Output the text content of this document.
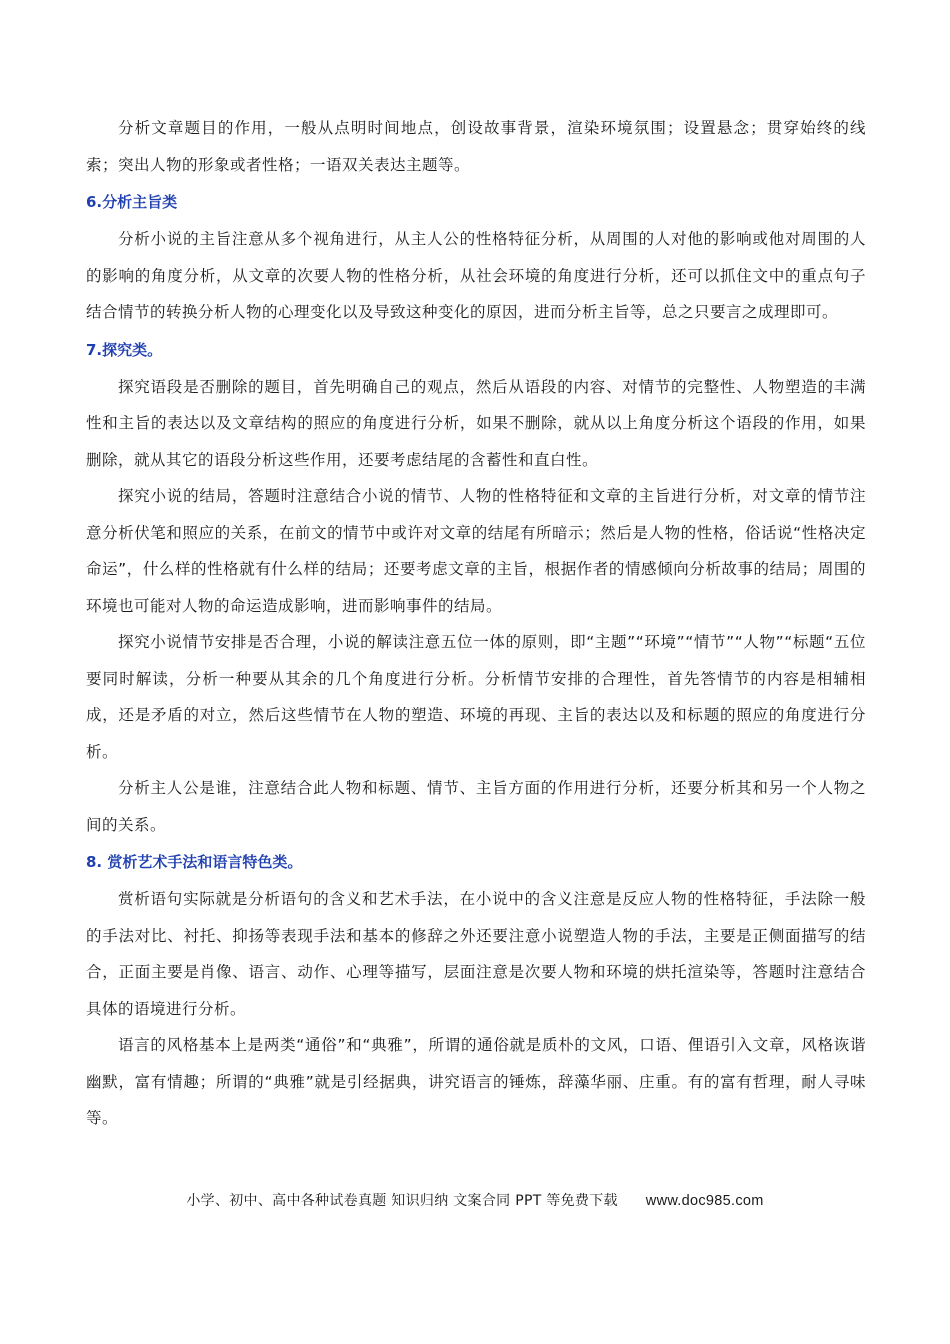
分析文章题目的作用，一般从点明时间地点，创设故事背景，渲染环境氛围；设置悬念；贯穿始终的线索；突出人物的形象或者性格；一语双关表达主题等。

6.分析主旨类

分析小说的主旨注意从多个视角进行，从主人公的性格特征分析，从周围的人对他的影响或他对周围的人的影响的角度分析，从文章的次要人物的性格分析，从社会环境的角度进行分析，还可以抓住文中的重点句子结合情节的转换分析人物的心理变化以及导致这种变化的原因，进而分析主旨等，总之只要言之成理即可。

7.探究类。

探究语段是否删除的题目，首先明确自己的观点，然后从语段的内容、对情节的完整性、人物塑造的丰满性和主旨的表达以及文章结构的照应的角度进行分析，如果不删除，就从以上角度分析这个语段的作用，如果删除，就从其它的语段分析这些作用，还要考虑结尾的含蓄性和直白性。

探究小说的结局，答题时注意结合小说的情节、人物的性格特征和文章的主旨进行分析，对文章的情节注意分析伏笔和照应的关系，在前文的情节中或许对文章的结尾有所暗示；然后是人物的性格，俗话说“性格决定命运”，什么样的性格就有什么样的结局；还要考虑文章的主旨，根据作者的情感倾向分析故事的结局；周围的环境也可能对人物的命运造成影响，进而影响事件的结局。

探究小说情节安排是否合理，小说的解读注意五位一体的原则，即“主题”“环境”“情节”“人物”“标题“五位要同时解读，分析一种要从其余的几个角度进行分析。分析情节安排的合理性，首先答情节的内容是相辅相成，还是矛盾的对立，然后这些情节在人物的塑造、环境的再现、主旨的表达以及和标题的照应的角度进行分析。

分析主人公是谁，注意结合此人物和标题、情节、主旨方面的作用进行分析，还要分析其和另一个人物之间的关系。

8. 赏析艺术手法和语言特色类。

赏析语句实际就是分析语句的含义和艺术手法，在小说中的含义注意是反应人物的性格特征，手法除一般的手法对比、衬托、抑扬等表现手法和基本的修辞之外还要注意小说塑造人物的手法，主要是正侧面描写的结合，正面主要是肖像、语言、动作、心理等描写，层面注意是次要人物和环境的烘托渲染等，答题时注意结合具体的语境进行分析。

语言的风格基本上是两类“通俗”和“典雅”，所谓的通俗就是质朴的文风，口语、俚语引入文章，风格诙谐幽默，富有情趣；所谓的“典雅”就是引经据典，讲究语言的锤炼，辞藻华丽、庄重。有的富有哲理，耐人寻味等。

小学、初中、高中各种试卷真题 知识归纳 文案合同 PPT 等免费下载 www.doc985.com
